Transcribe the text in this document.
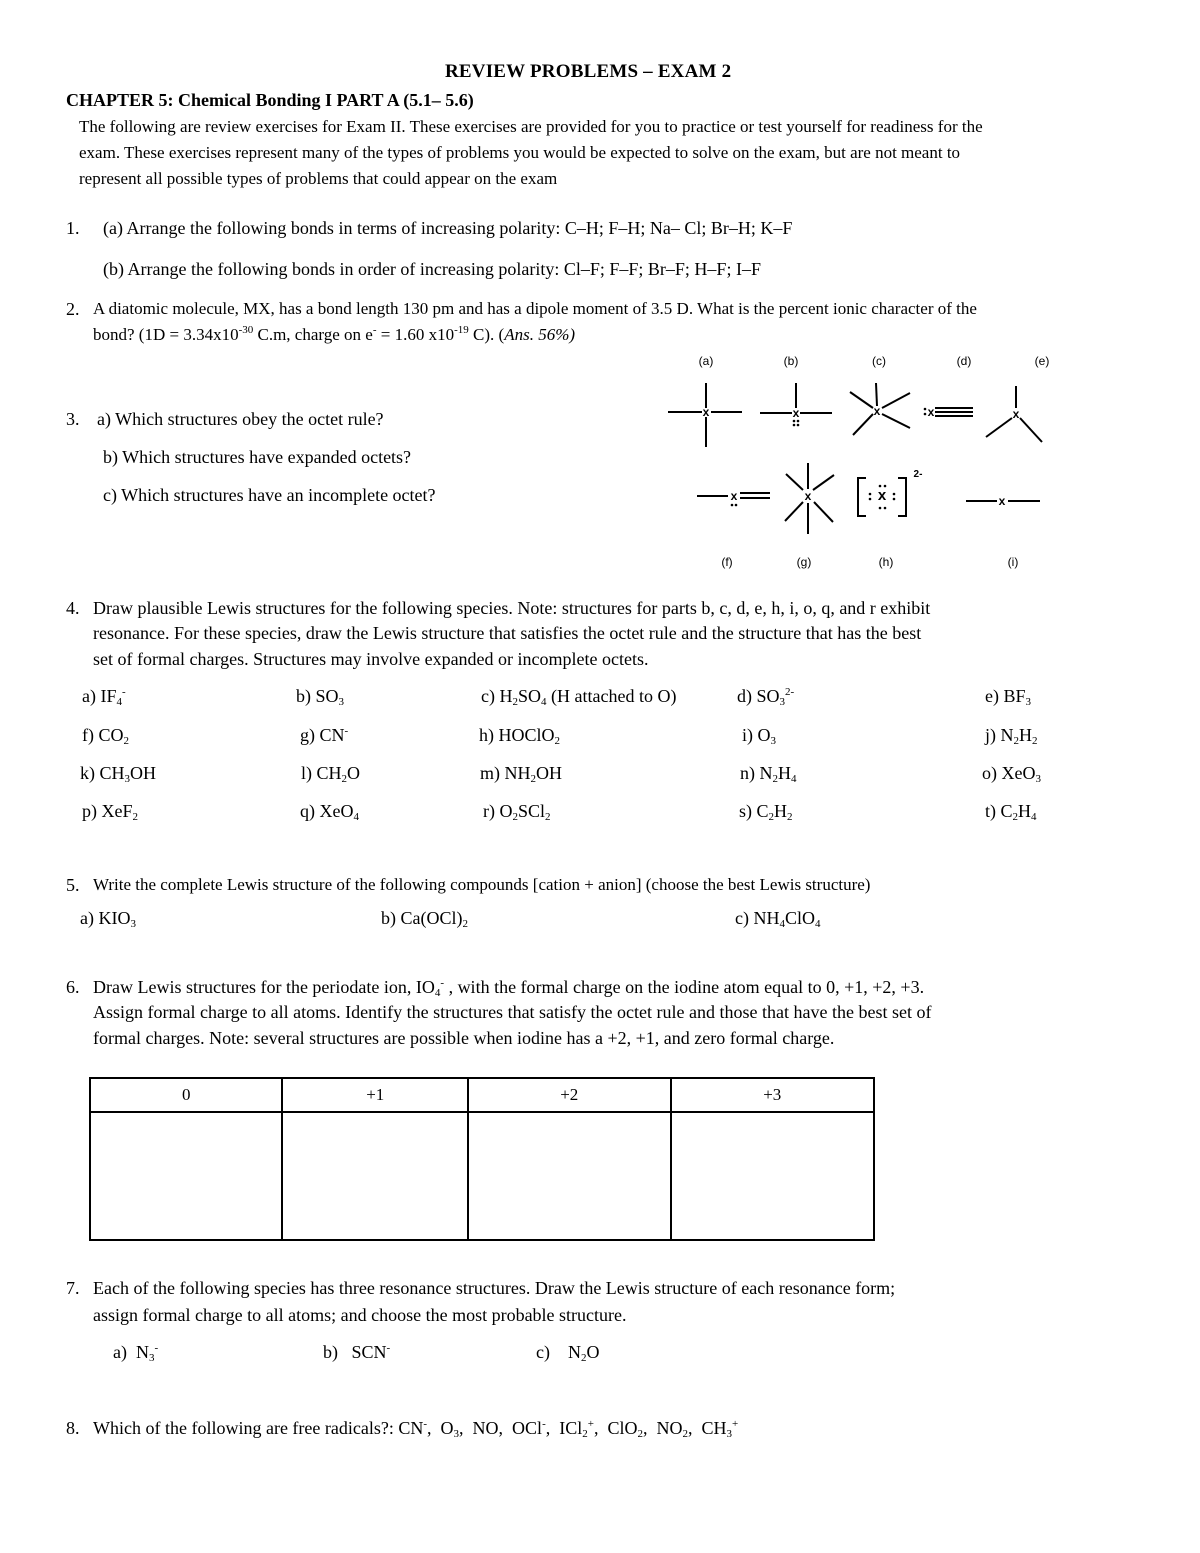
REVIEW PROBLEMS – EXAM 2
CHAPTER 5: Chemical Bonding I PART A (5.1– 5.6)
The following are review exercises for Exam II. These exercises are provided for you to practice or test yourself for readiness for the
exam. These exercises represent many of the types of problems you would be expected to solve on the exam, but are not meant to
represent all possible types of problems that could appear on the exam
1. (a) Arrange the following bonds in terms of increasing polarity: C–H; F–H; Na– Cl; Br–H; K–F
(b) Arrange the following bonds in order of increasing polarity: Cl–F; F–F; Br–F; H–F; I–F
2. A diatomic molecule, MX, has a bond length 130 pm and has a dipole moment of 3.5 D. What is the percent ionic character of the
bond? ($1D = 3.34x10^{-30}$ C.m, charge on e- = 1.60 $x10^{-19}$ C). (Ans. 56%)
3. a) Which structures obey the octet rule?
b) Which structures have expanded octets?
c) Which structures have an incomplete octet?
(a)	(b)	(c)	(d)	(e)
(f)	(g)	(h)	(i)
x	x	x	x	x
x	x	x	x
2-
4. Draw plausible Lewis structures for the following species. Note: structures for parts b, c, d, e, h, i, o, q, and r exhibit
resonance. For these species, draw the Lewis structure that satisfies the octet rule and the structure that has the best
set of formal charges. Structures may involve expanded or incomplete octets.
a) $IF_4^-$	b) $SO_3$	c) $H_2SO_4$ (H attached to O)	d) $SO_3^{2-}$	e) $BF_3$
f) $CO_2$	g) CN-	h) HOClO$_2$	i) $O_3$	j) $N_2H_2$
k) $CH_3OH$	l) $CH_2O$	m) $NH_2OH$	n) $N_2H_4$	o) XeO$_3$
p) XeF$_2$	q) XeO$_4$	r) $O_2SCl_2$	s) $C_2H_2$	t) $C_2H_4$
5. Write the complete Lewis structure of the following compounds [cation + anion] (choose the best Lewis structure)
a) $KIO_3$	b) $Ca(OCl)_2$	c) $NH_4ClO_4$
6. Draw Lewis structures for the periodate ion, $IO_4^-$ , with the formal charge on the iodine atom equal to 0, +1, +2, +3.
Assign formal charge to all atoms. Identify the structures that satisfy the octet rule and those that have the best set of
formal charges. Note: several structures are possible when iodine has a +2, +1, and zero formal charge.
0	+1	+2	+3

7. Each of the following species has three resonance structures. Draw the Lewis structure of each resonance form;
assign formal charge to all atoms; and choose the most probable structure.
a)  $N_3^-$	b)   SCN-	c)    $N_2O$
8. Which of the following are free radicals?: CN-,  $O_3$,  NO,  OCl-,  ICl$_2$+,  ClO$_2$,  $NO_2$,  $CH_3^+$
